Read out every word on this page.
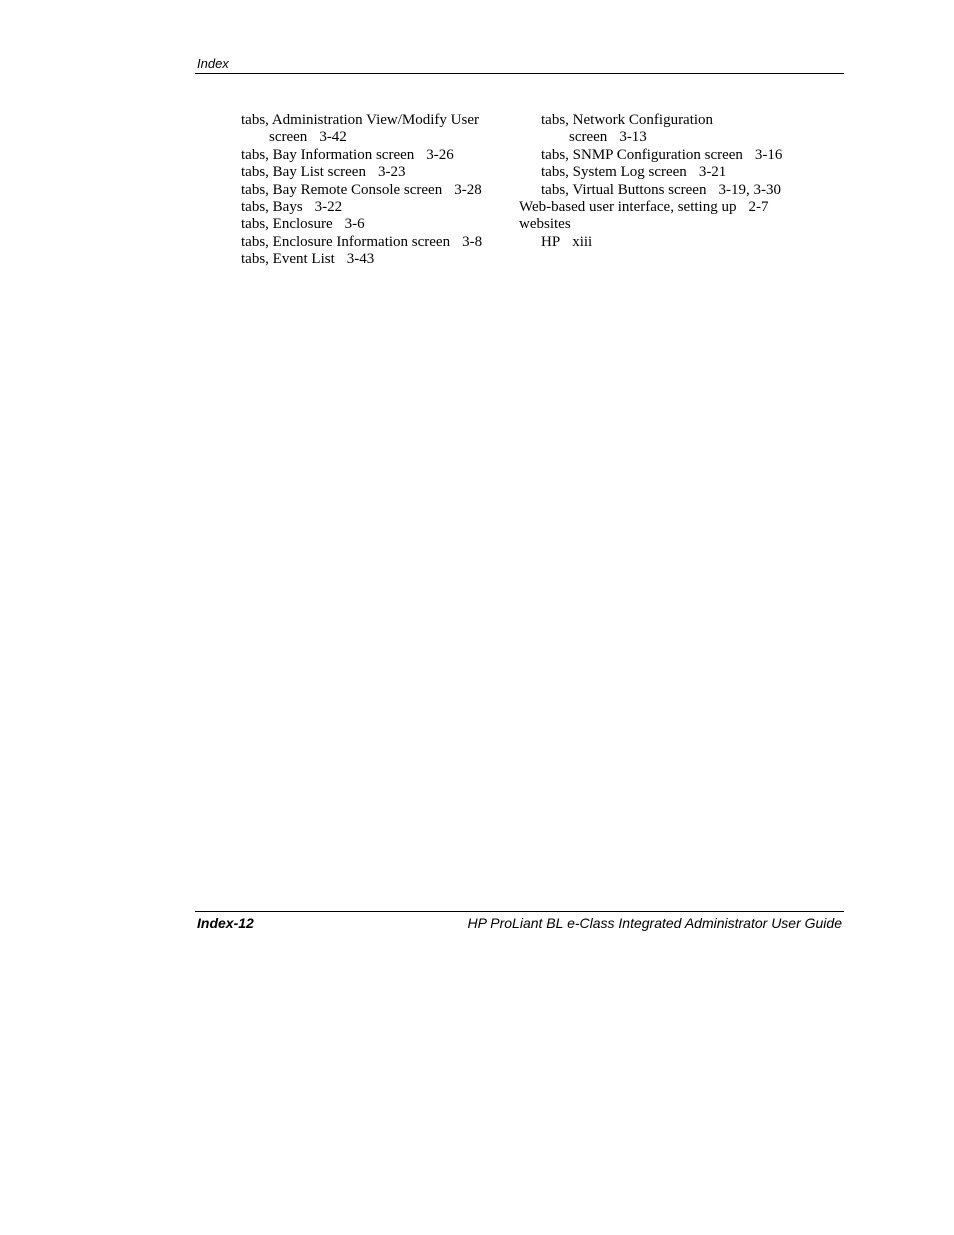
Index
tabs, Administration View/Modify User
screen 3-42
tabs, Bay Information screen 3-26
tabs, Bay List screen 3-23
tabs, Bay Remote Console screen 3-28
tabs, Bays 3-22
tabs, Enclosure 3-6
tabs, Enclosure Information screen 3-8
tabs, Event List 3-43
tabs, Network Configuration
screen 3-13
tabs, SNMP Configuration screen 3-16
tabs, System Log screen 3-21
tabs, Virtual Buttons screen 3-19, 3-30
Web-based user interface, setting up 2-7
websites
HP xiii
Index-12	HP ProLiant BL e-Class Integrated Administrator User Guide
